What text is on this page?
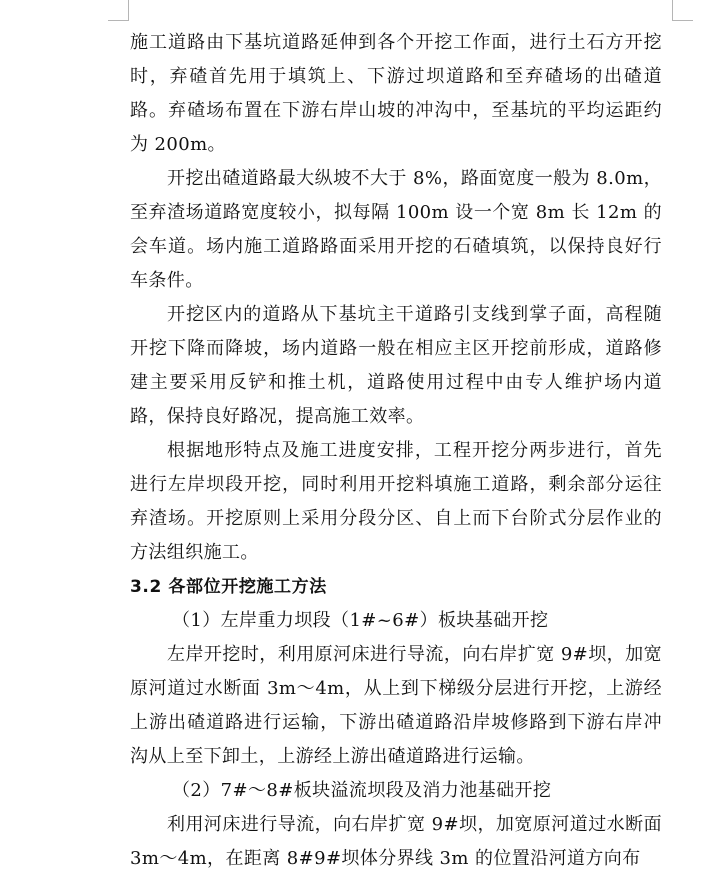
施工道路由下基坑道路延伸到各个开挖工作面，进行土石方开挖时，弃碴首先用于填筑上、下游过坝道路和至弃碴场的出碴道路。弃碴场布置在下游右岸山坡的冲沟中，至基坑的平均运距约为 200m。

开挖出碴道路最大纵坡不大于 8%，路面宽度一般为 8.0m，至弃渣场道路宽度较小，拟每隔 100m 设一个宽 8m 长 12m 的会车道。场内施工道路路面采用开挖的石碴填筑，以保持良好行车条件。

开挖区内的道路从下基坑主干道路引支线到掌子面，高程随开挖下降而降坡，场内道路一般在相应主区开挖前形成，道路修建主要采用反铲和推土机，道路使用过程中由专人维护场内道路，保持良好路况，提高施工效率。

根据地形特点及施工进度安排，工程开挖分两步进行，首先进行左岸坝段开挖，同时利用开挖料填施工道路，剩余部分运往弃渣场。开挖原则上采用分段分区、自上而下台阶式分层作业的方法组织施工。

3.2 各部位开挖施工方法

（1）左岸重力坝段（1#~6#）板块基础开挖

左岸开挖时，利用原河床进行导流，向右岸扩宽 9#坝，加宽原河道过水断面 3m～4m，从上到下梯级分层进行开挖，上游经上游出碴道路进行运输，下游出碴道路沿岸坡修路到下游右岸冲沟从上至下卸土，上游经上游出碴道路进行运输。

（2）7#～8#板块溢流坝段及消力池基础开挖

利用河床进行导流，向右岸扩宽 9#坝，加宽原河道过水断面 3m～4m，在距离 8#9#坝体分界线 3m 的位置沿河道方向布
